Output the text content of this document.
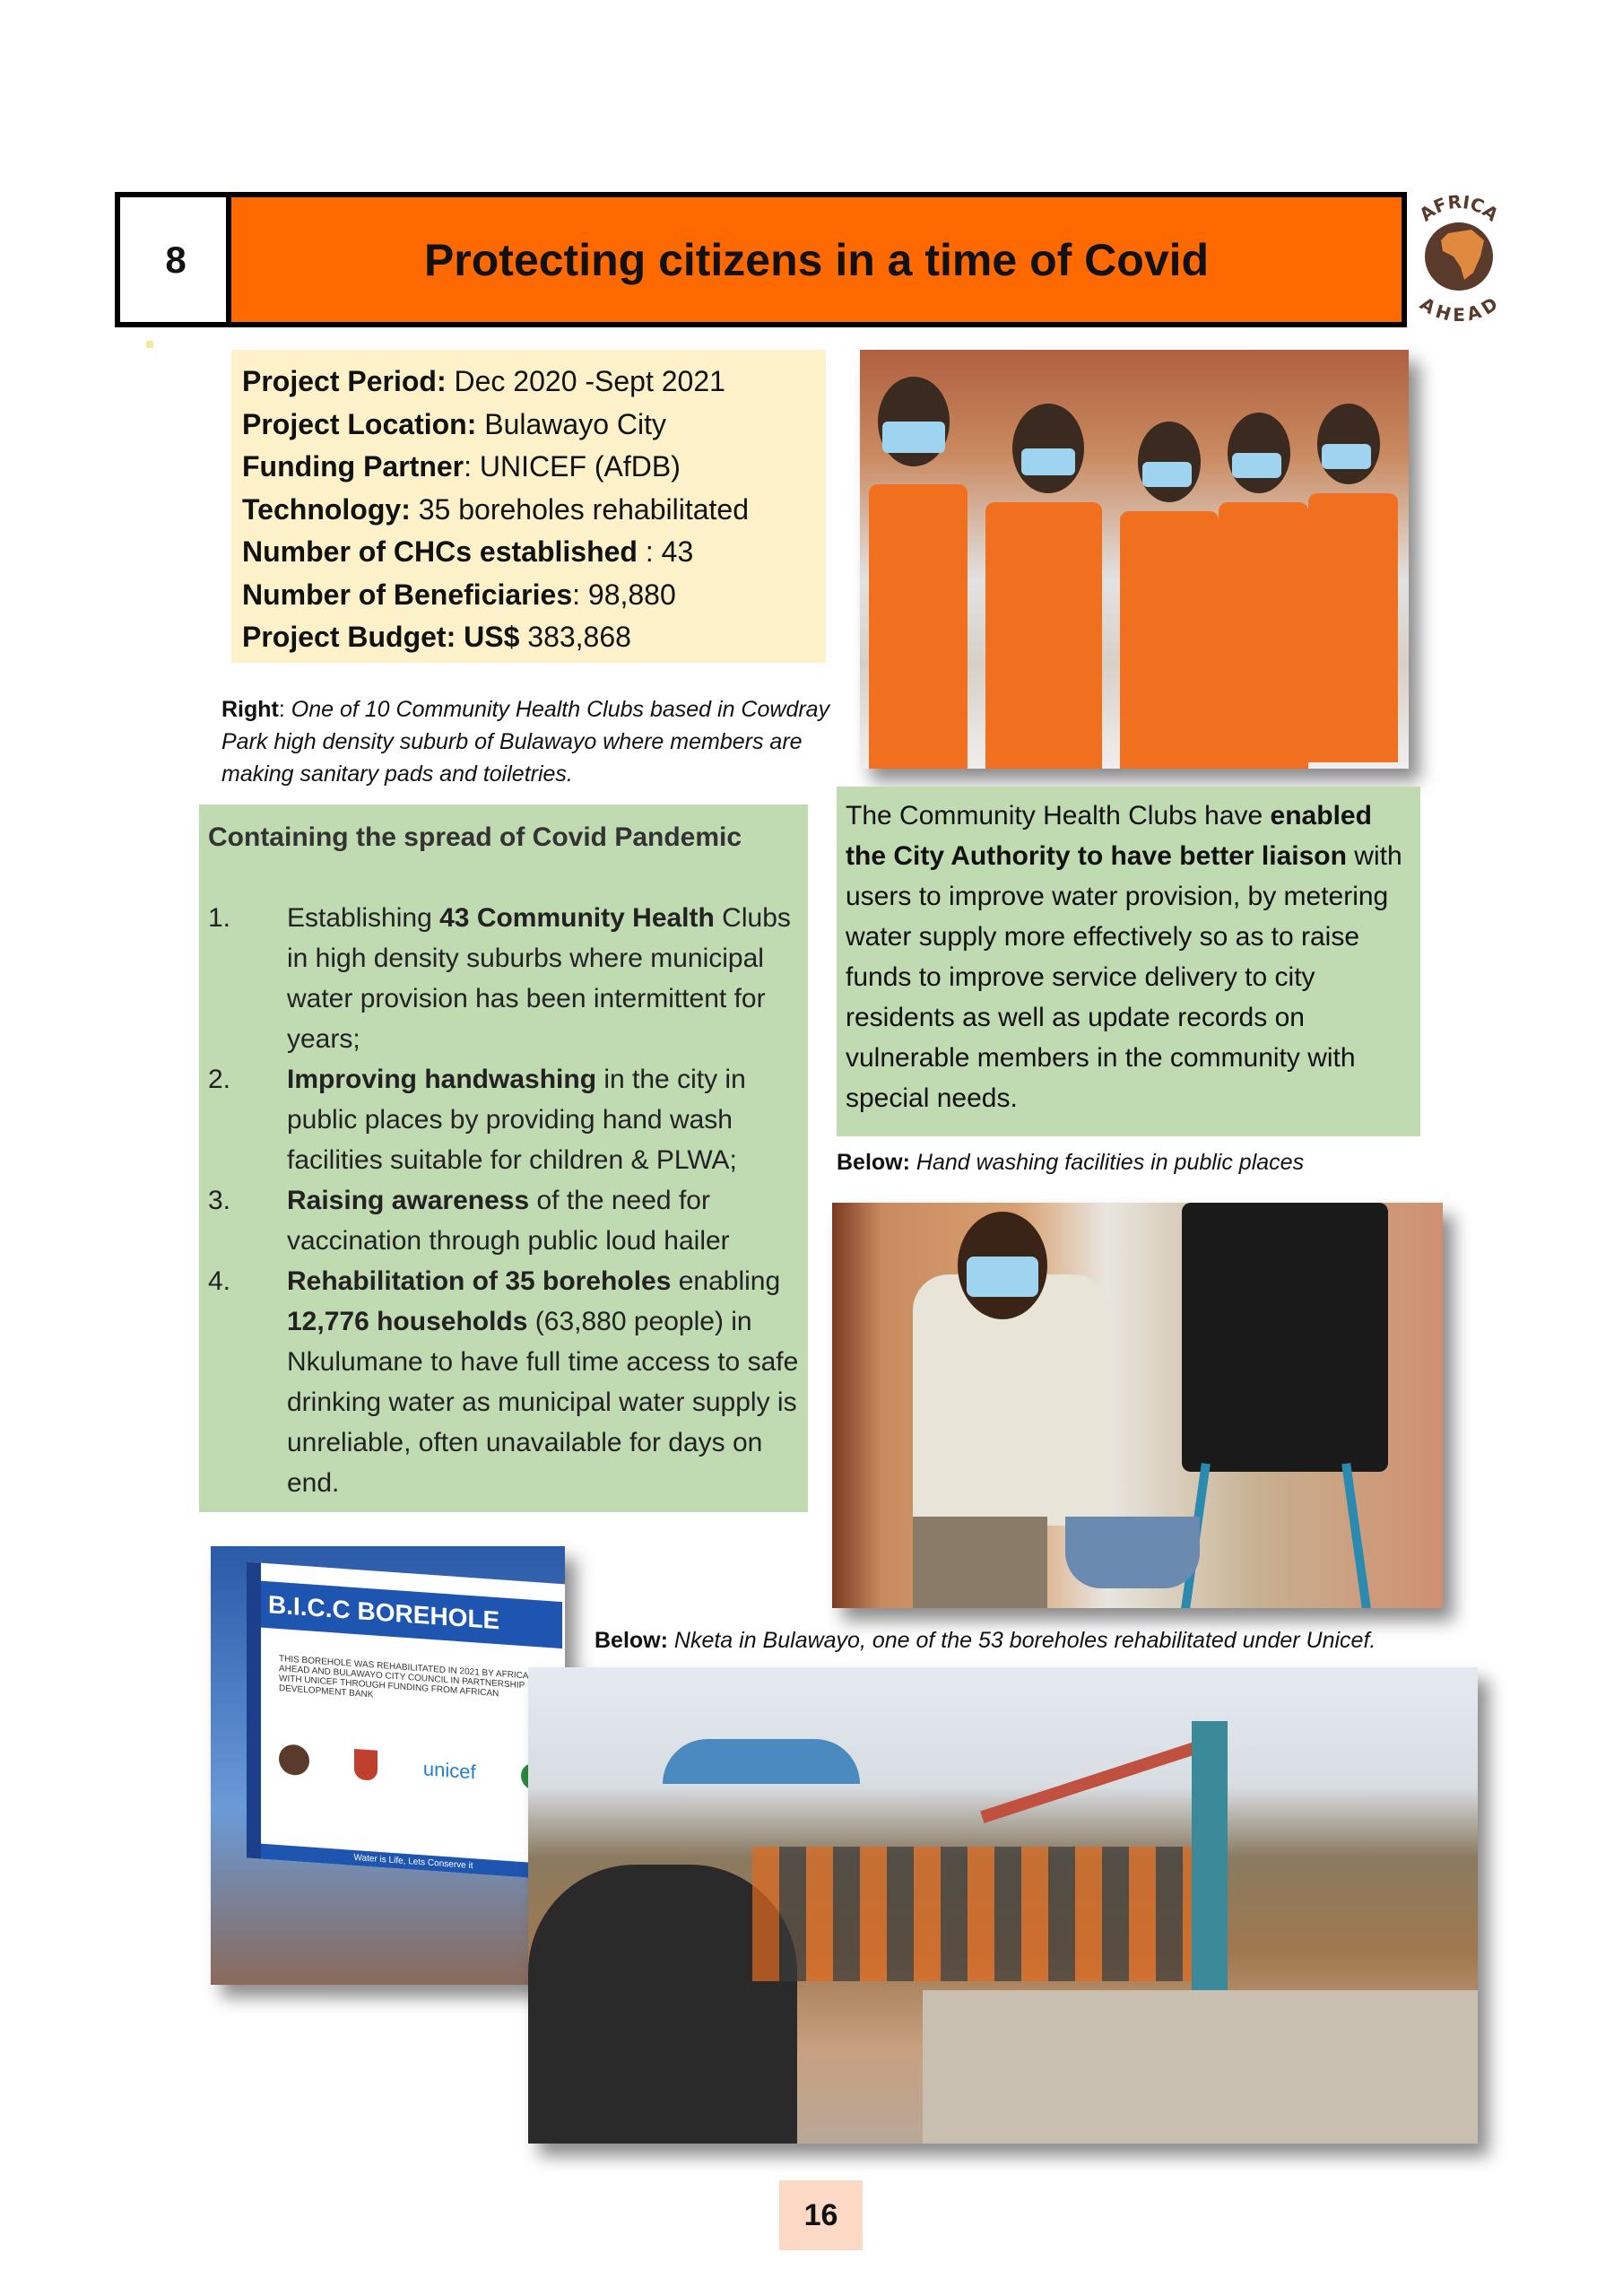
8	Protecting citizens in a time of Covid
AFRICA
AHEAD
Project Period: Dec 2020 -Sept 2021
Project Location: Bulawayo City
Funding Partner: UNICEF (AfDB)
Technology: 35 boreholes rehabilitated
Number of CHCs established : 43
Number of Beneficiaries: 98,880
Project Budget: US$ 383,868
Right: One of 10 Community Health Clubs based in Cowdray Park high density suburb of Bulawayo where members are making sanitary pads and toiletries.
Containing the spread of Covid Pandemic
1.	Establishing 43 Community Health Clubs in high density suburbs where municipal water provision has been intermittent for years;
2.	Improving handwashing in the city in public places by providing hand wash facilities suitable for children & PLWA;
3.	Raising awareness of the need for vaccination through public loud hailer
4.	Rehabilitation of 35 boreholes enabling 12,776 households (63,880 people) in Nkulumane to have full time access to safe drinking water as municipal water supply is unreliable, often unavailable for days on end.
The Community Health Clubs have enabled the City Authority to have better liaison with users to improve water provision, by metering water supply more effectively so as to raise funds to improve service delivery to city residents as well as update records on vulnerable members in the community with special needs.
Below: Hand washing facilities in public places
B.I.C.C BOREHOLE
THIS BOREHOLE WAS REHABILITATED IN 2021 BY AFRICA AHEAD AND BULAWAYO CITY COUNCIL IN PARTNERSHIP WITH UNICEF THROUGH FUNDING FROM AFRICAN DEVELOPMENT BANK
unicef
Water is Life, Lets Conserve it
Below: Nketa in Bulawayo, one of the 53 boreholes rehabilitated under Unicef.
16
